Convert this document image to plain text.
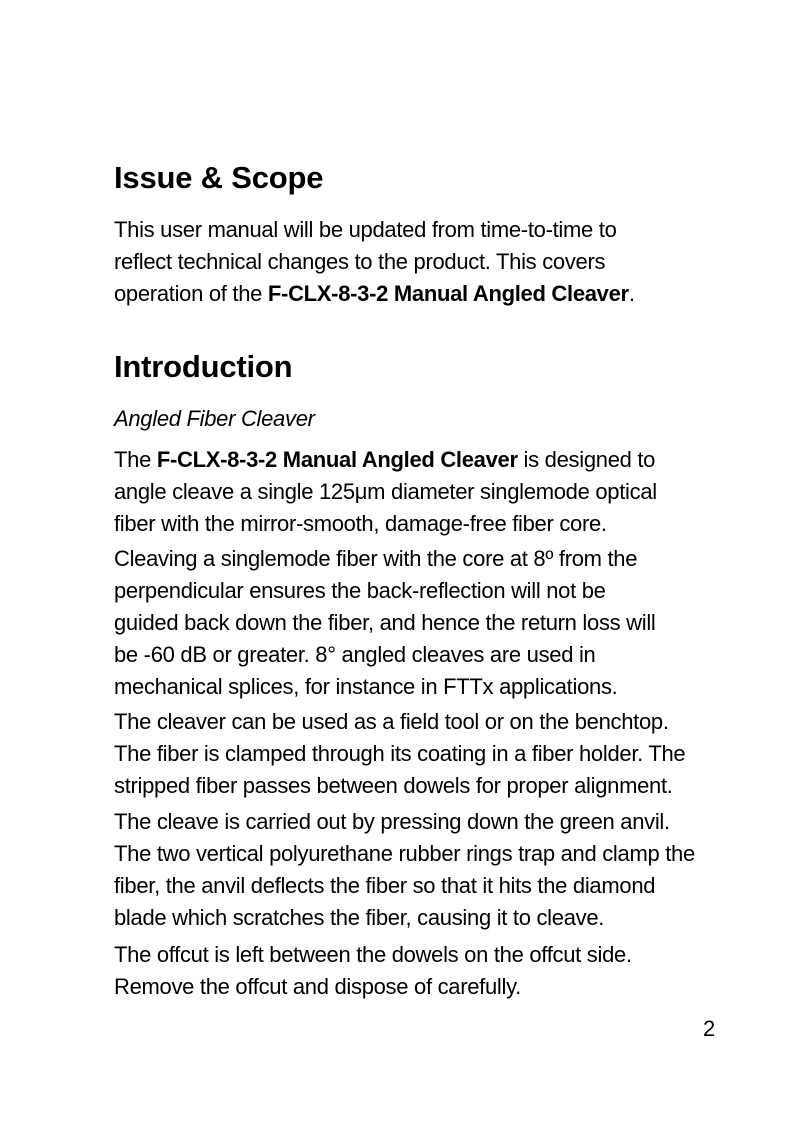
Issue & Scope

This user manual will be updated from time-to-time to
reflect technical changes to the product. This covers
operation of the F-CLX-8-3-2 Manual Angled Cleaver.

Introduction

Angled Fiber Cleaver

The F-CLX-8-3-2 Manual Angled Cleaver is designed to
angle cleave a single 125μm diameter singlemode optical
fiber with the mirror-smooth, damage-free fiber core.

Cleaving a singlemode fiber with the core at 8º from the
perpendicular ensures the back-reflection will not be
guided back down the fiber, and hence the return loss will
be -60 dB or greater. 8° angled cleaves are used in
mechanical splices, for instance in FTTx applications.

The cleaver can be used as a field tool or on the benchtop.
The fiber is clamped through its coating in a fiber holder. The
stripped fiber passes between dowels for proper alignment.

The cleave is carried out by pressing down the green anvil.
The two vertical polyurethane rubber rings trap and clamp the
fiber, the anvil deflects the fiber so that it hits the diamond
blade which scratches the fiber, causing it to cleave.

The offcut is left between the dowels on the offcut side.
Remove the offcut and dispose of carefully.

2
